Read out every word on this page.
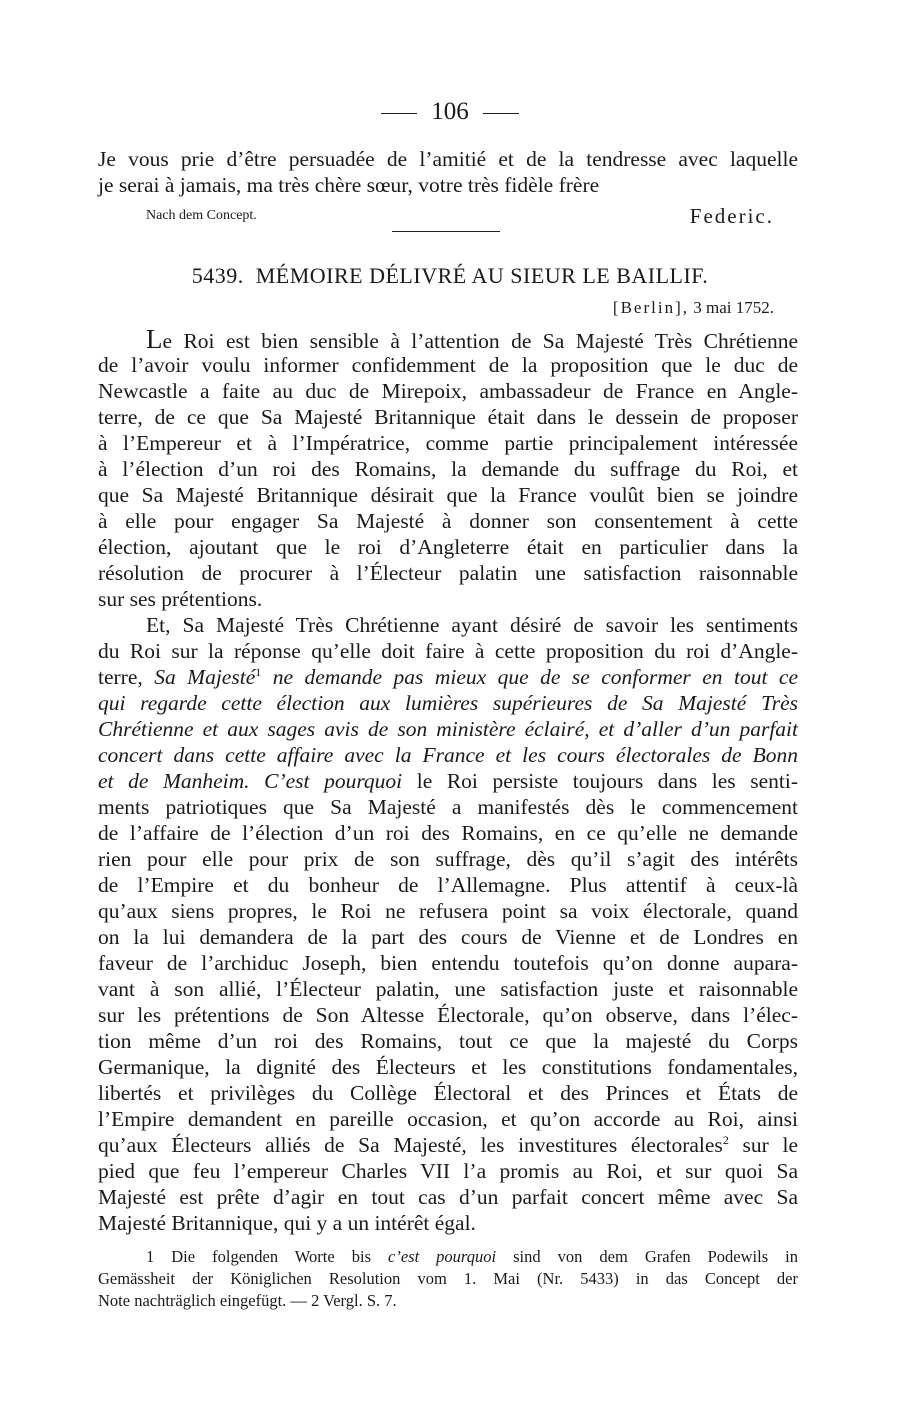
106
Je vous prie d’être persuadée de l’amitié et de la tendresse avec laquelle
je serai à jamais, ma très chère sœur, votre très fidèle frère
Nach dem Concept.	Federic.
5439. MÉMOIRE DÉLIVRÉ AU SIEUR LE BAILLIF.
[Berlin], 3 mai 1752.
Le Roi est bien sensible à l’attention de Sa Majesté Très Chrétienne
de l’avoir voulu informer confidemment de la proposition que le duc de
Newcastle a faite au duc de Mirepoix, ambassadeur de France en Angle-
terre, de ce que Sa Majesté Britannique était dans le dessein de proposer
à l’Empereur et à l’Impératrice, comme partie principalement intéressée
à l’élection d’un roi des Romains, la demande du suffrage du Roi, et
que Sa Majesté Britannique désirait que la France voulût bien se joindre
à elle pour engager Sa Majesté à donner son consentement à cette
élection, ajoutant que le roi d’Angleterre était en particulier dans la
résolution de procurer à l’Électeur palatin une satisfaction raisonnable
sur ses prétentions.
Et, Sa Majesté Très Chrétienne ayant désiré de savoir les sentiments
du Roi sur la réponse qu’elle doit faire à cette proposition du roi d’Angle-
terre, Sa Majesté$^1$ ne demande pas mieux que de se conformer en tout ce
qui regarde cette élection aux lumières supérieures de Sa Majesté Très
Chrétienne et aux sages avis de son ministère éclairé, et d’aller d’un parfait
concert dans cette affaire avec la France et les cours électorales de Bonn
et de Manheim. C’est pourquoi le Roi persiste toujours dans les senti-
ments patriotiques que Sa Majesté a manifestés dès le commencement
de l’affaire de l’élection d’un roi des Romains, en ce qu’elle ne demande
rien pour elle pour prix de son suffrage, dès qu’il s’agit des intérêts
de l’Empire et du bonheur de l’Allemagne. Plus attentif à ceux-là
qu’aux siens propres, le Roi ne refusera point sa voix électorale, quand
on la lui demandera de la part des cours de Vienne et de Londres en
faveur de l’archiduc Joseph, bien entendu toutefois qu’on donne aupara-
vant à son allié, l’Électeur palatin, une satisfaction juste et raisonnable
sur les prétentions de Son Altesse Électorale, qu’on observe, dans l’élec-
tion même d’un roi des Romains, tout ce que la majesté du Corps
Germanique, la dignité des Électeurs et les constitutions fondamentales,
libertés et privilèges du Collège Électoral et des Princes et États de
l’Empire demandent en pareille occasion, et qu’on accorde au Roi, ainsi
qu’aux Électeurs alliés de Sa Majesté, les investitures électorales$^2$ sur le
pied que feu l’empereur Charles VII l’a promis au Roi, et sur quoi Sa
Majesté est prête d’agir en tout cas d’un parfait concert même avec Sa
Majesté Britannique, qui y a un intérêt égal.
1 Die folgenden Worte bis c’est pourquoi sind von dem Grafen Podewils in
Gemässheit der Königlichen Resolution vom 1. Mai (Nr. 5433) in das Concept der
Note nachträglich eingefügt. — 2 Vergl. S. 7.
